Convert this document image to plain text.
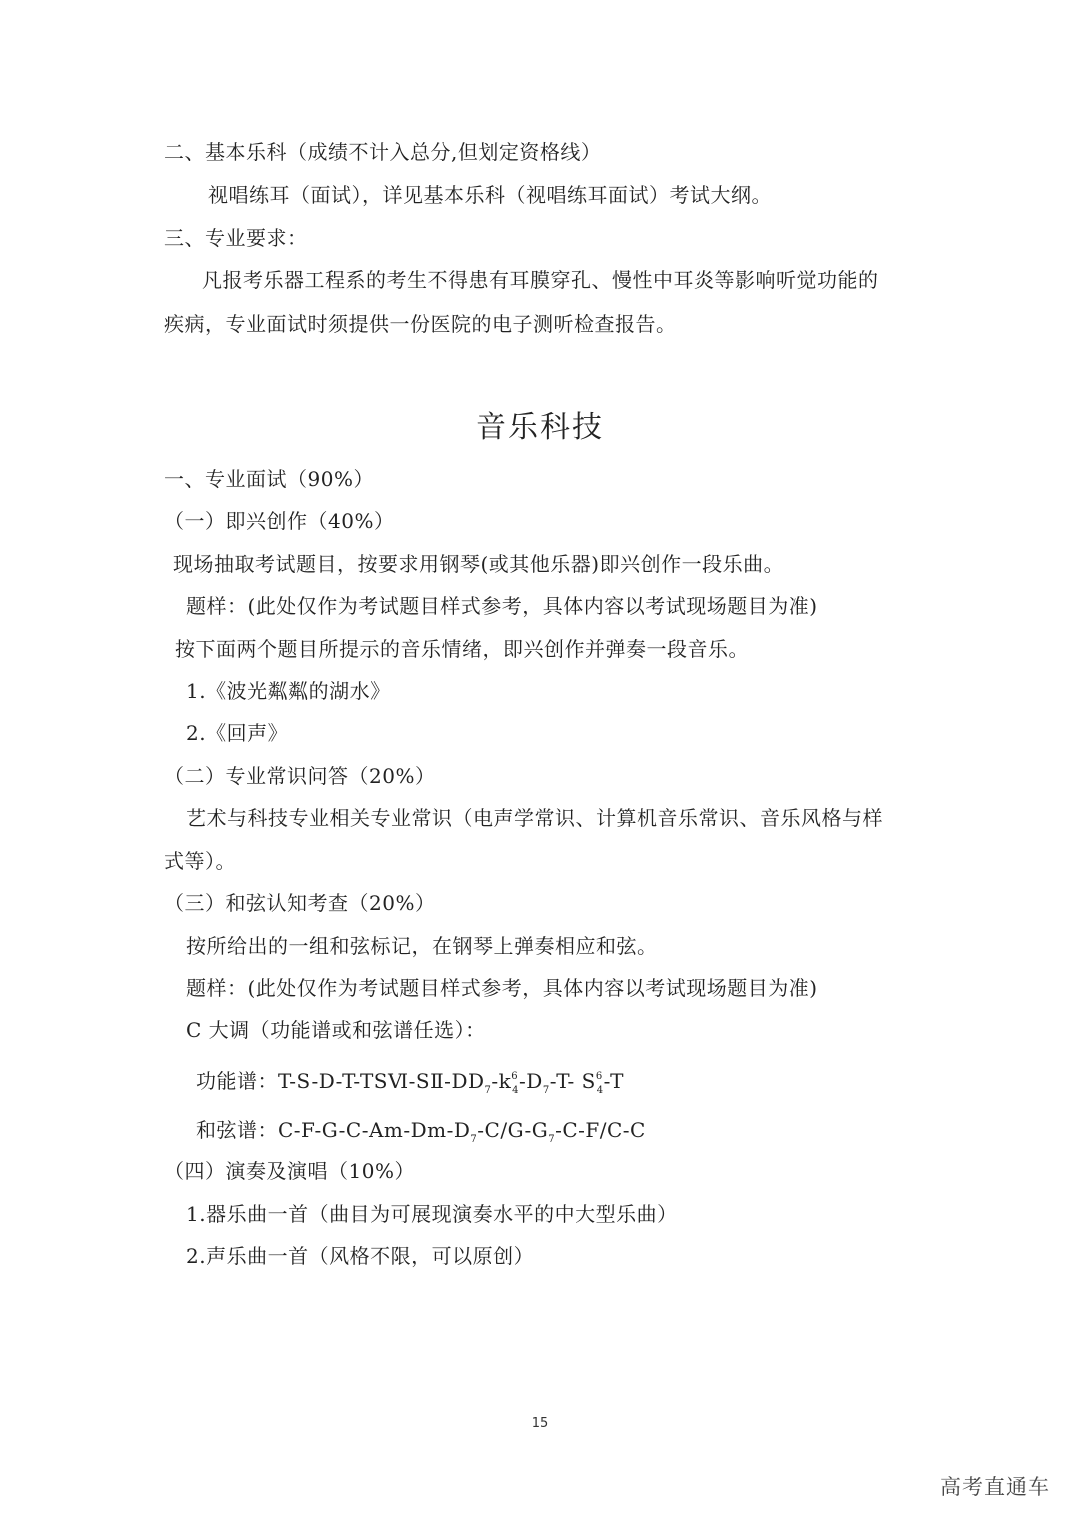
二、基本乐科（成绩不计入总分,但划定资格线）
视唱练耳（面试），详见基本乐科（视唱练耳面试）考试大纲。
三、专业要求：
凡报考乐器工程系的考生不得患有耳膜穿孔、慢性中耳炎等影响听觉功能的
疾病，专业面试时须提供一份医院的电子测听检查报告。
音乐科技
一、专业面试（90%）
（一）即兴创作（40%）
现场抽取考试题目，按要求用钢琴(或其他乐器)即兴创作一段乐曲。
题样：(此处仅作为考试题目样式参考，具体内容以考试现场题目为准)
按下面两个题目所提示的音乐情绪，即兴创作并弹奏一段音乐。
1.《波光粼粼的湖水》
2.《回声》
（二）专业常识问答（20%）
艺术与科技专业相关专业常识（电声学常识、计算机音乐常识、音乐风格与样
式等）。
（三）和弦认知考查（20%）
按所给出的一组和弦标记，在钢琴上弹奏相应和弦。
题样：(此处仅作为考试题目样式参考，具体内容以考试现场题目为准)
C 大调（功能谱或和弦谱任选）：
功能谱：$T-S-D-T-TSⅥ-SⅡ-DD_7-k^6_4-D_7-T-$ $S^6_4-T$
和弦谱：$C-F-G-C-Am-Dm-D_7-C/G-G_7-C-F/C-C$
（四）演奏及演唱（10%）
1.器乐曲一首（曲目为可展现演奏水平的中大型乐曲）
2.声乐曲一首（风格不限，可以原创）
15
高考直通车
